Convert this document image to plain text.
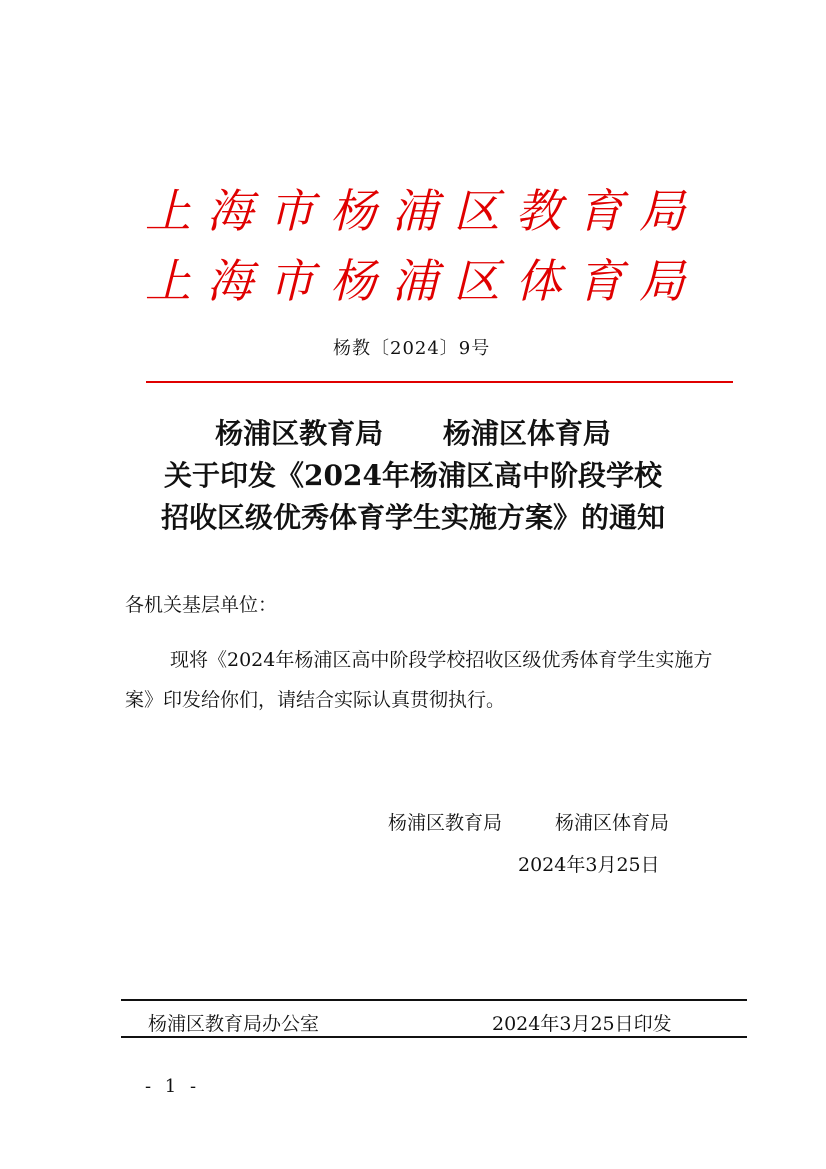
上 海 市 杨 浦 区 教 育 局
上 海 市 杨 浦 区 体 育 局
杨教〔2024〕9号
杨浦区教育局 杨浦区体育局
关于印发《2024年杨浦区高中阶段学校
招收区级优秀体育学生实施方案》的通知
各机关基层单位：
现将《2024年杨浦区高中阶段学校招收区级优秀体育学生实施方案》印发给你们，请结合实际认真贯彻执行。
杨浦区教育局	杨浦区体育局
2024年3月25日
杨浦区教育局办公室	2024年3月25日印发
- 1 -
